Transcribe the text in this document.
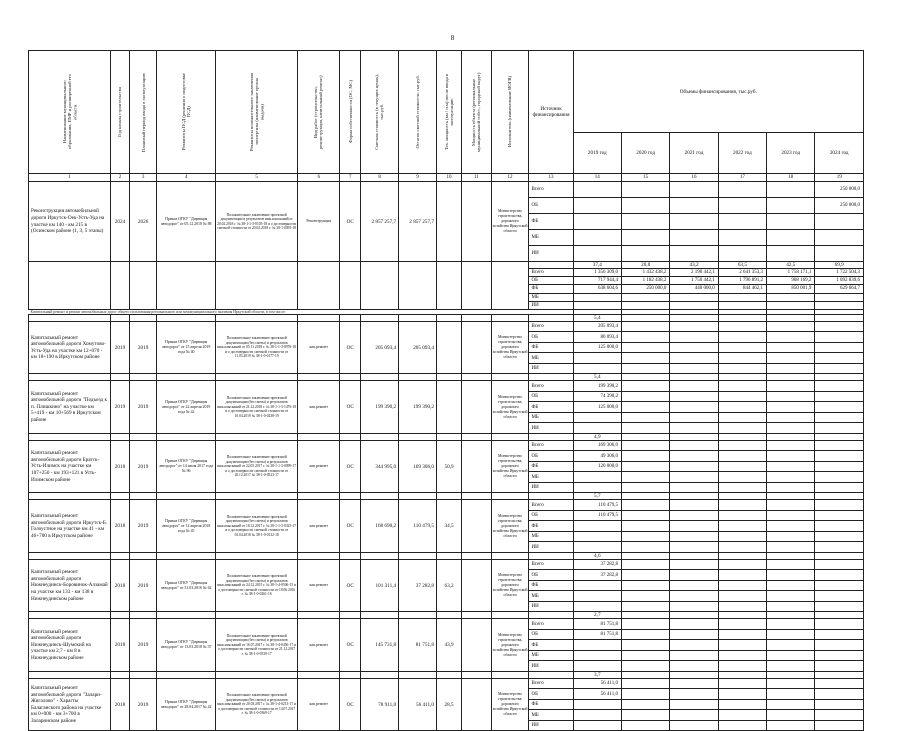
8
Наименование муниципального образования, ПМР и расширенной его области	Год начала строительства	Плановый период ввода в эксплуатацию	Реквизиты ПСД (решения о подготовке ПСД)	Реквизиты положительного заключения экспертизы (наименование органа выдачи)	Вид работ (строительство, реконструкция, капитальный ремонт)	Форма собственности (ОС, МС)	Сметная стоимость (в текущих ценах), тыс.руб.	Остаток сметной стоимости, тыс.руб.	Тех. мощность (км / п.м) после ввода в эксплуатацию	Мощность объекта (региональные муниципальной собст., городской округ)	Исполнитель (наименование ИОГВ)	Источник финансирования	Объемы финансирования, тыс.руб.					
													2019 год	2020 год	2021 год	2022 год	2023 год	2024 год
1	2	3	4	5	6	7	8	9	10	11	12	13	14	15	16	17	18	19
Реконструкция автомобильной дороги Иркутск-Оек-Усть-Уда на участке км 140 - км 215 в (Осинском районе (1, 3, 5 этапы)	2024	2026	Приказ ОГКУ "Дирекция автодорог" от 05.12.2018 № 88	Положительное заключение проектной документации и результатов инж.изысканий от 20.02.2018 г. № 38-1-1-3-0105-18 и о достоверности сметной стоимости от 20.02.2018 г. № 38-1-0093-18	Реконструкция	ОС	2 857 257,7	2 857 257,7			Министерство строительства, дорожного хозяйства Иркутской области	Всего						250 000,0
												ОБ						250 000,0
												ФБ						
												МБ						
												ИИ						
													37,4	20,8	43,2	63,5	42,5	69,9
												Всего	1 356 309,0	1 432 438,2	2 190 442,1	2 641 353,3	1 758 171,1	1 722 504,3
												ОБ	717 944,4	1 182 438,2	1 750 442,1	1 796 891,2	908 169,2	1 092 839,6
												ФБ	638 604,6	250 000,0	440 000,0	844 462,1	850 001,9	629 664,7
												МБ						
												ИИ						
Капитальный ремонт и ремонт автомобильных дорог общего пользования регионального или межмуниципального значения Иркутской области, в том числе:																		
													5,4					
Капитальный ремонт автомобильной дороги Хомутово-Усть-Уда на участке км 12+070 - км 18+190 в Иркутском районе	2019	2019	Приказ ОГКУ "Дирекция автодорог" от 15 апреля 2019 года № 40	Положительное заключение проектной документации (без сметы) и результатов инж.изысканий от 05.11.2018 г. № 38-1-1-3-0976-18 и о достоверности сметной стоимости от 11.03.2019 № 38-1-0-0177-19	кап.ремонт	ОС	205 093,4	205 093,4			Министерство строительства, дорожного хозяйства Иркутской области	Всего	205 093,4					
												ОБ	80 093,4					
												ФБ	125 000,0					
												МБ						
												ИИ						
													5,4					
Капитальный ремонт автомобильной дороги "Подъезд к п. Плишкино" на участке км 5+419 - км 10+569 в Иркутском районе	2019	2019	Приказ ОГКУ "Дирекция автодорог" от 22 апреля 2019 года № 42	Положительное заключение проектной документации (без сметы) и результатов инж.изысканий от 21.12.2018 г. № 38-1-1-3-1476-18 и о достоверности сметной стоимости от 10.04.2019 № 38-1-0-0238-19	кап.ремонт	ОС	199 390,2	199 390,2			Министерство строительства, дорожного хозяйства Иркутской области	Всего	199 390,2					
												ОБ	74 390,2					
												ФБ	125 000,0					
												МБ						
												ИИ						
													4,9					
Капитальный ремонт автомобильной дороги Братск-Усть-Илимск на участке км 187+250 - км 193+121 в Усть-Илимском районе	2018	2019	Приказ ОГКУ "Дирекция автодорог" от 14 июля 2017 года № 96	Положительное заключение проектной документации (без сметы) и результатов инж.изысканий от 22.05.2017 г. № 38-1-1-3-0099-17 и о достоверности сметной стоимости от 20.12.2017 № 38-1-0-0523-17	кап.ремонт	ОС	344 995,0	169 306,0	50,9		Министерство строительства, дорожного хозяйства Иркутской области	Всего	169 306,0					
												ОБ	49 306,0					
												ФБ	120 000,0					
												МБ						
												ИИ						
													5,7					
Капитальный ремонт автомобильной дороги Иркутск-Б. Голоустное на участке км 41 - км 46+700 в Иркутском районе	2018	2019	Приказ ОГКУ "Дирекция автодорог" от 12 апреля 2018 года № 45	Положительное заключение проектной документации (без сметы) и результатов инж.изысканий от 18.12.2017 г. № 38-1-1-3-0325-17 и о достоверности сметной стоимости от 03.04.2018 № 38-1-0-0132-18	кап.ремонт	ОС	168 690,2	110 479,5	34,5		Министерство строительства, дорожного хозяйства Иркутской области	Всего	110 479,5					
												ОБ	110 479,5					
												ФБ						
												МБ						
												ИИ						
													4,6					
Капитальный ремонт автомобильной дороги Нижнеудинск-Боровинок-Алзамай на участке км 133 - км 138 в Нижнеудинском районе	2018	2019	Приказ ОГКУ "Дирекция автодорог" от 31.03.2016 № 62	Положительное заключение проектной документации (без сметы) и результатов инж.изысканий от 24.12.2015 г. № 38-1-4-0506-15 и о достоверности сметной стоимости от 10.06.2016 г. № 38-1-0-0261-16	кап.ремонт	ОС	101 311,4	37 282,8	63,2		Министерство строительства, дорожного хозяйства Иркутской области	Всего	37 282,8					
												ОБ	37 282,8					
												ФБ						
												МБ						
												ИИ						
													2,7					
Капитальный ремонт автомобильной дороги Нижнеудинск-Шумский на участке км 2,7 - км 8 в Нижнеудинском районе	2018	2019	Приказ ОГКУ "Дирекция автодорог" от 13.03.2018 № 37	Положительное заключение проектной документации (без сметы) и результатов инж.изысканий от 16.07.2017 г. № 38-1-4-0456-17 и о достоверности сметной стоимости от 21.12.2017 г. № 38-1-0-0539-17	кап.ремонт	ОС	145 731,8	81 751,8	43,9		Министерство строительства, дорожного хозяйства Иркутской области	Всего	81 751,8					
												ОБ	81 751,8					
												ФБ						
												МБ						
												ИИ						
													3,7					
Капитальный ремонт автомобильной дороги "Залари-Жигалово" - Харагты Балаганского района на участке км 0+000 - км 3+700 в Заларинском районе	2018	2019	Приказ ОГКУ "Дирекция автодорог" от 28.04.2017 № 42	Положительное заключение проектной документации (без сметы) и результатов инж.изысканий от 20.03.2017 г. № 38-1-4-0213-17 и о достоверности сметной стоимости от 14.07.2017 г. № 38-1-0-0369-17	кап.ремонт	ОС	78 911,0	56 411,0	28,5		Министерство строительства, дорожного хозяйства Иркутской области	Всего	56 411,0					
												ОБ	56 411,0					
												ФБ						
												МБ						
												ИИ						
